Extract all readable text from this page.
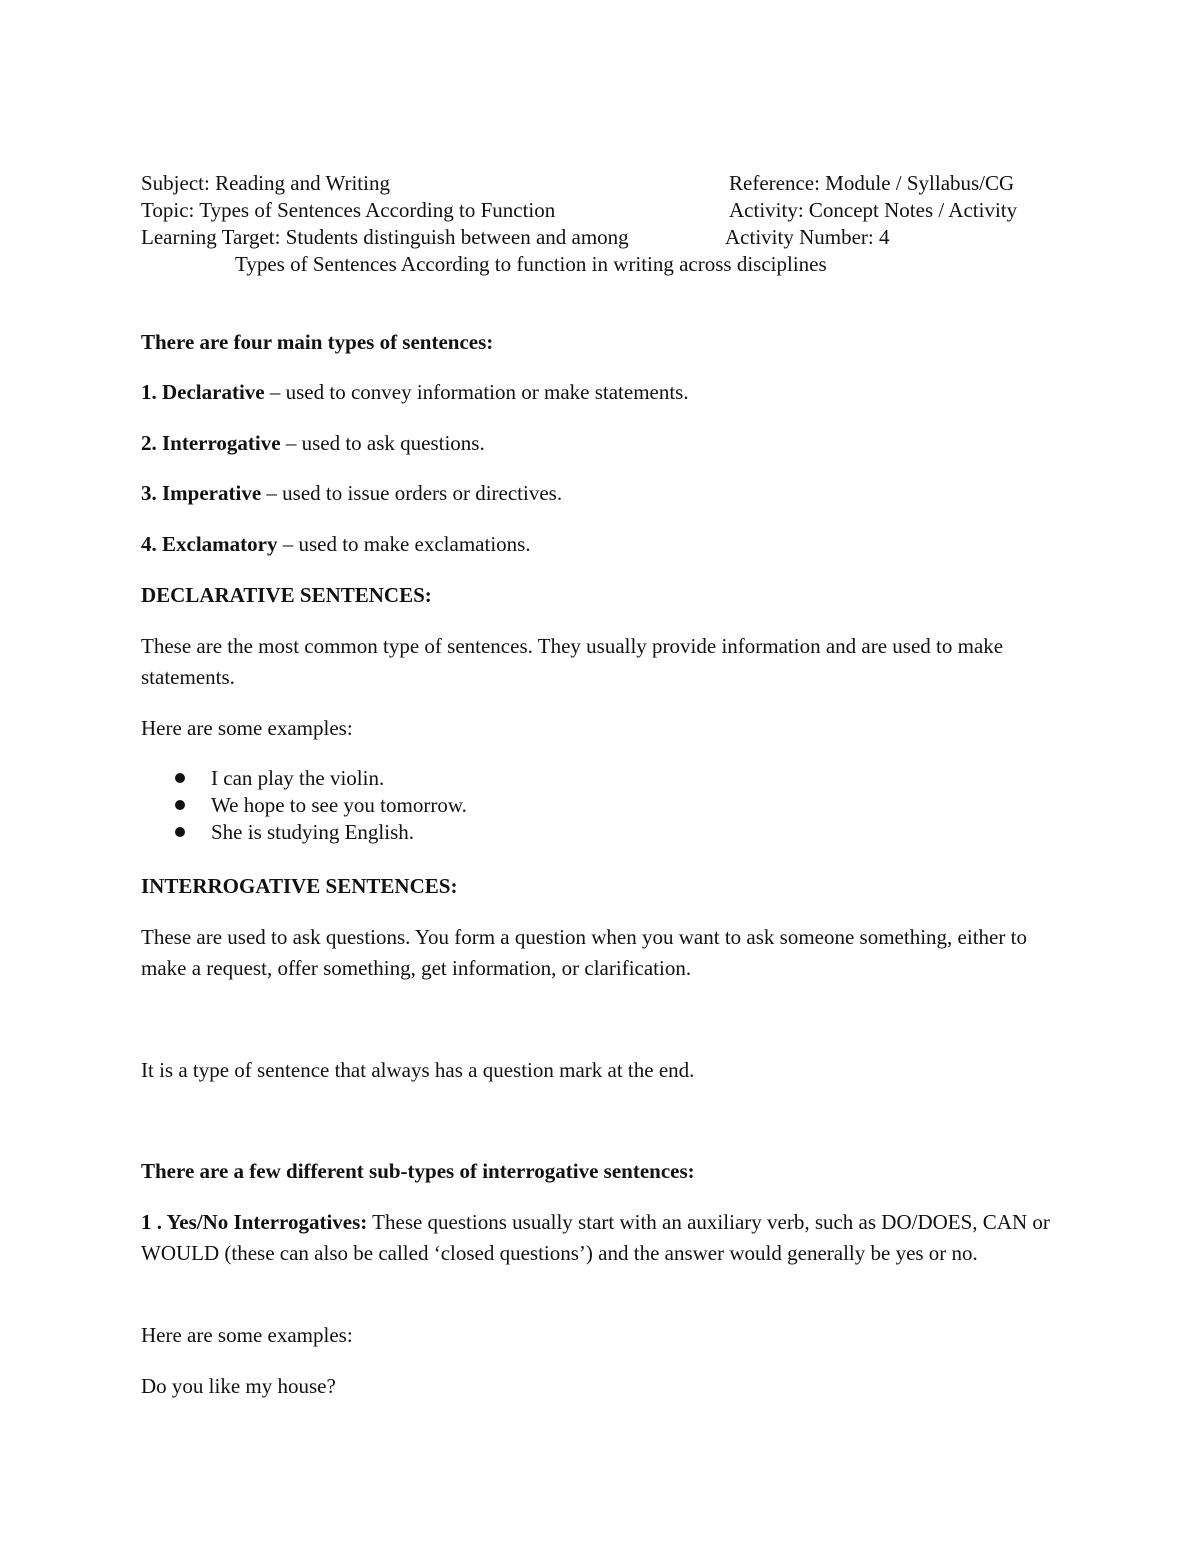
Subject: Reading and Writing	Reference: Module / Syllabus/CG
Topic: Types of Sentences According to Function	Activity: Concept Notes / Activity
Learning Target: Students distinguish between and among	Activity Number: 4
Types of Sentences According to function in writing across disciplines
There are four main types of sentences:
1. Declarative – used to convey information or make statements.
2. Interrogative – used to ask questions.
3. Imperative – used to issue orders or directives.
4. Exclamatory – used to make exclamations.
DECLARATIVE SENTENCES:
These are the most common type of sentences. They usually provide information and are used to make statements.
Here are some examples:
I can play the violin.
We hope to see you tomorrow.
She is studying English.
INTERROGATIVE SENTENCES:
These are used to ask questions. You form a question when you want to ask someone something, either to make a request, offer something, get information, or clarification.
It is a type of sentence that always has a question mark at the end.
There are a few different sub-types of interrogative sentences:
1 . Yes/No Interrogatives: These questions usually start with an auxiliary verb, such as DO/DOES, CAN or WOULD (these can also be called ‘closed questions’) and the answer would generally be yes or no.
Here are some examples:
Do you like my house?
